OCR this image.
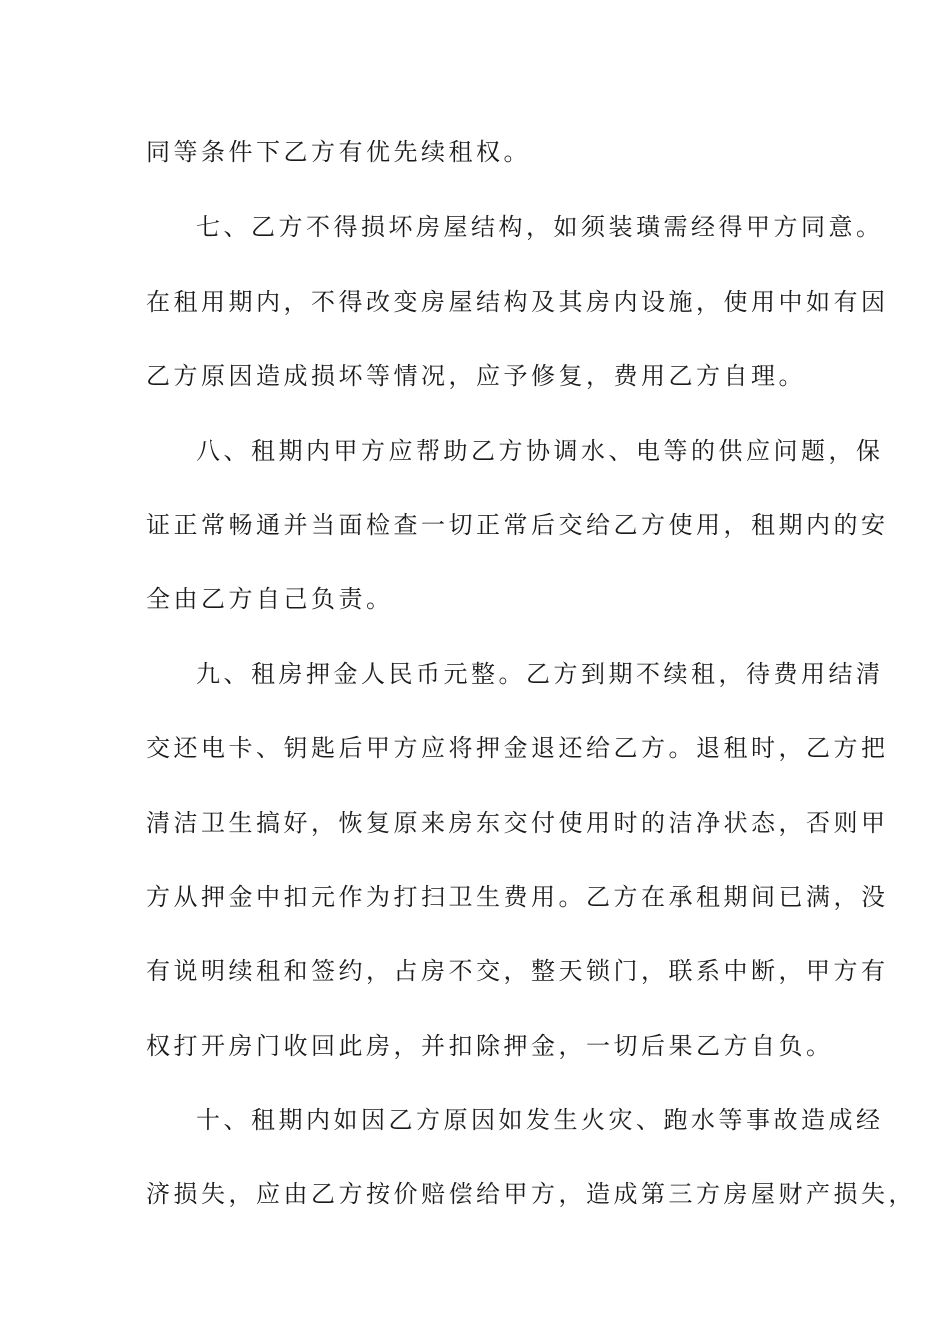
同等条件下乙方有优先续租权。
七、乙方不得损坏房屋结构，如须装璜需经得甲方同意。
在租用期内，不得改变房屋结构及其房内设施，使用中如有因
乙方原因造成损坏等情况，应予修复，费用乙方自理。
八、租期内甲方应帮助乙方协调水、电等的供应问题，保
证正常畅通并当面检查一切正常后交给乙方使用，租期内的安
全由乙方自己负责。
九、租房押金人民币元整。乙方到期不续租，待费用结清
交还电卡、钥匙后甲方应将押金退还给乙方。退租时，乙方把
清洁卫生搞好，恢复原来房东交付使用时的洁净状态，否则甲
方从押金中扣元作为打扫卫生费用。乙方在承租期间已满，没
有说明续租和签约，占房不交，整天锁门，联系中断，甲方有
权打开房门收回此房，并扣除押金，一切后果乙方自负。
十、租期内如因乙方原因如发生火灾、跑水等事故造成经
济损失，应由乙方按价赔偿给甲方，造成第三方房屋财产损失，
